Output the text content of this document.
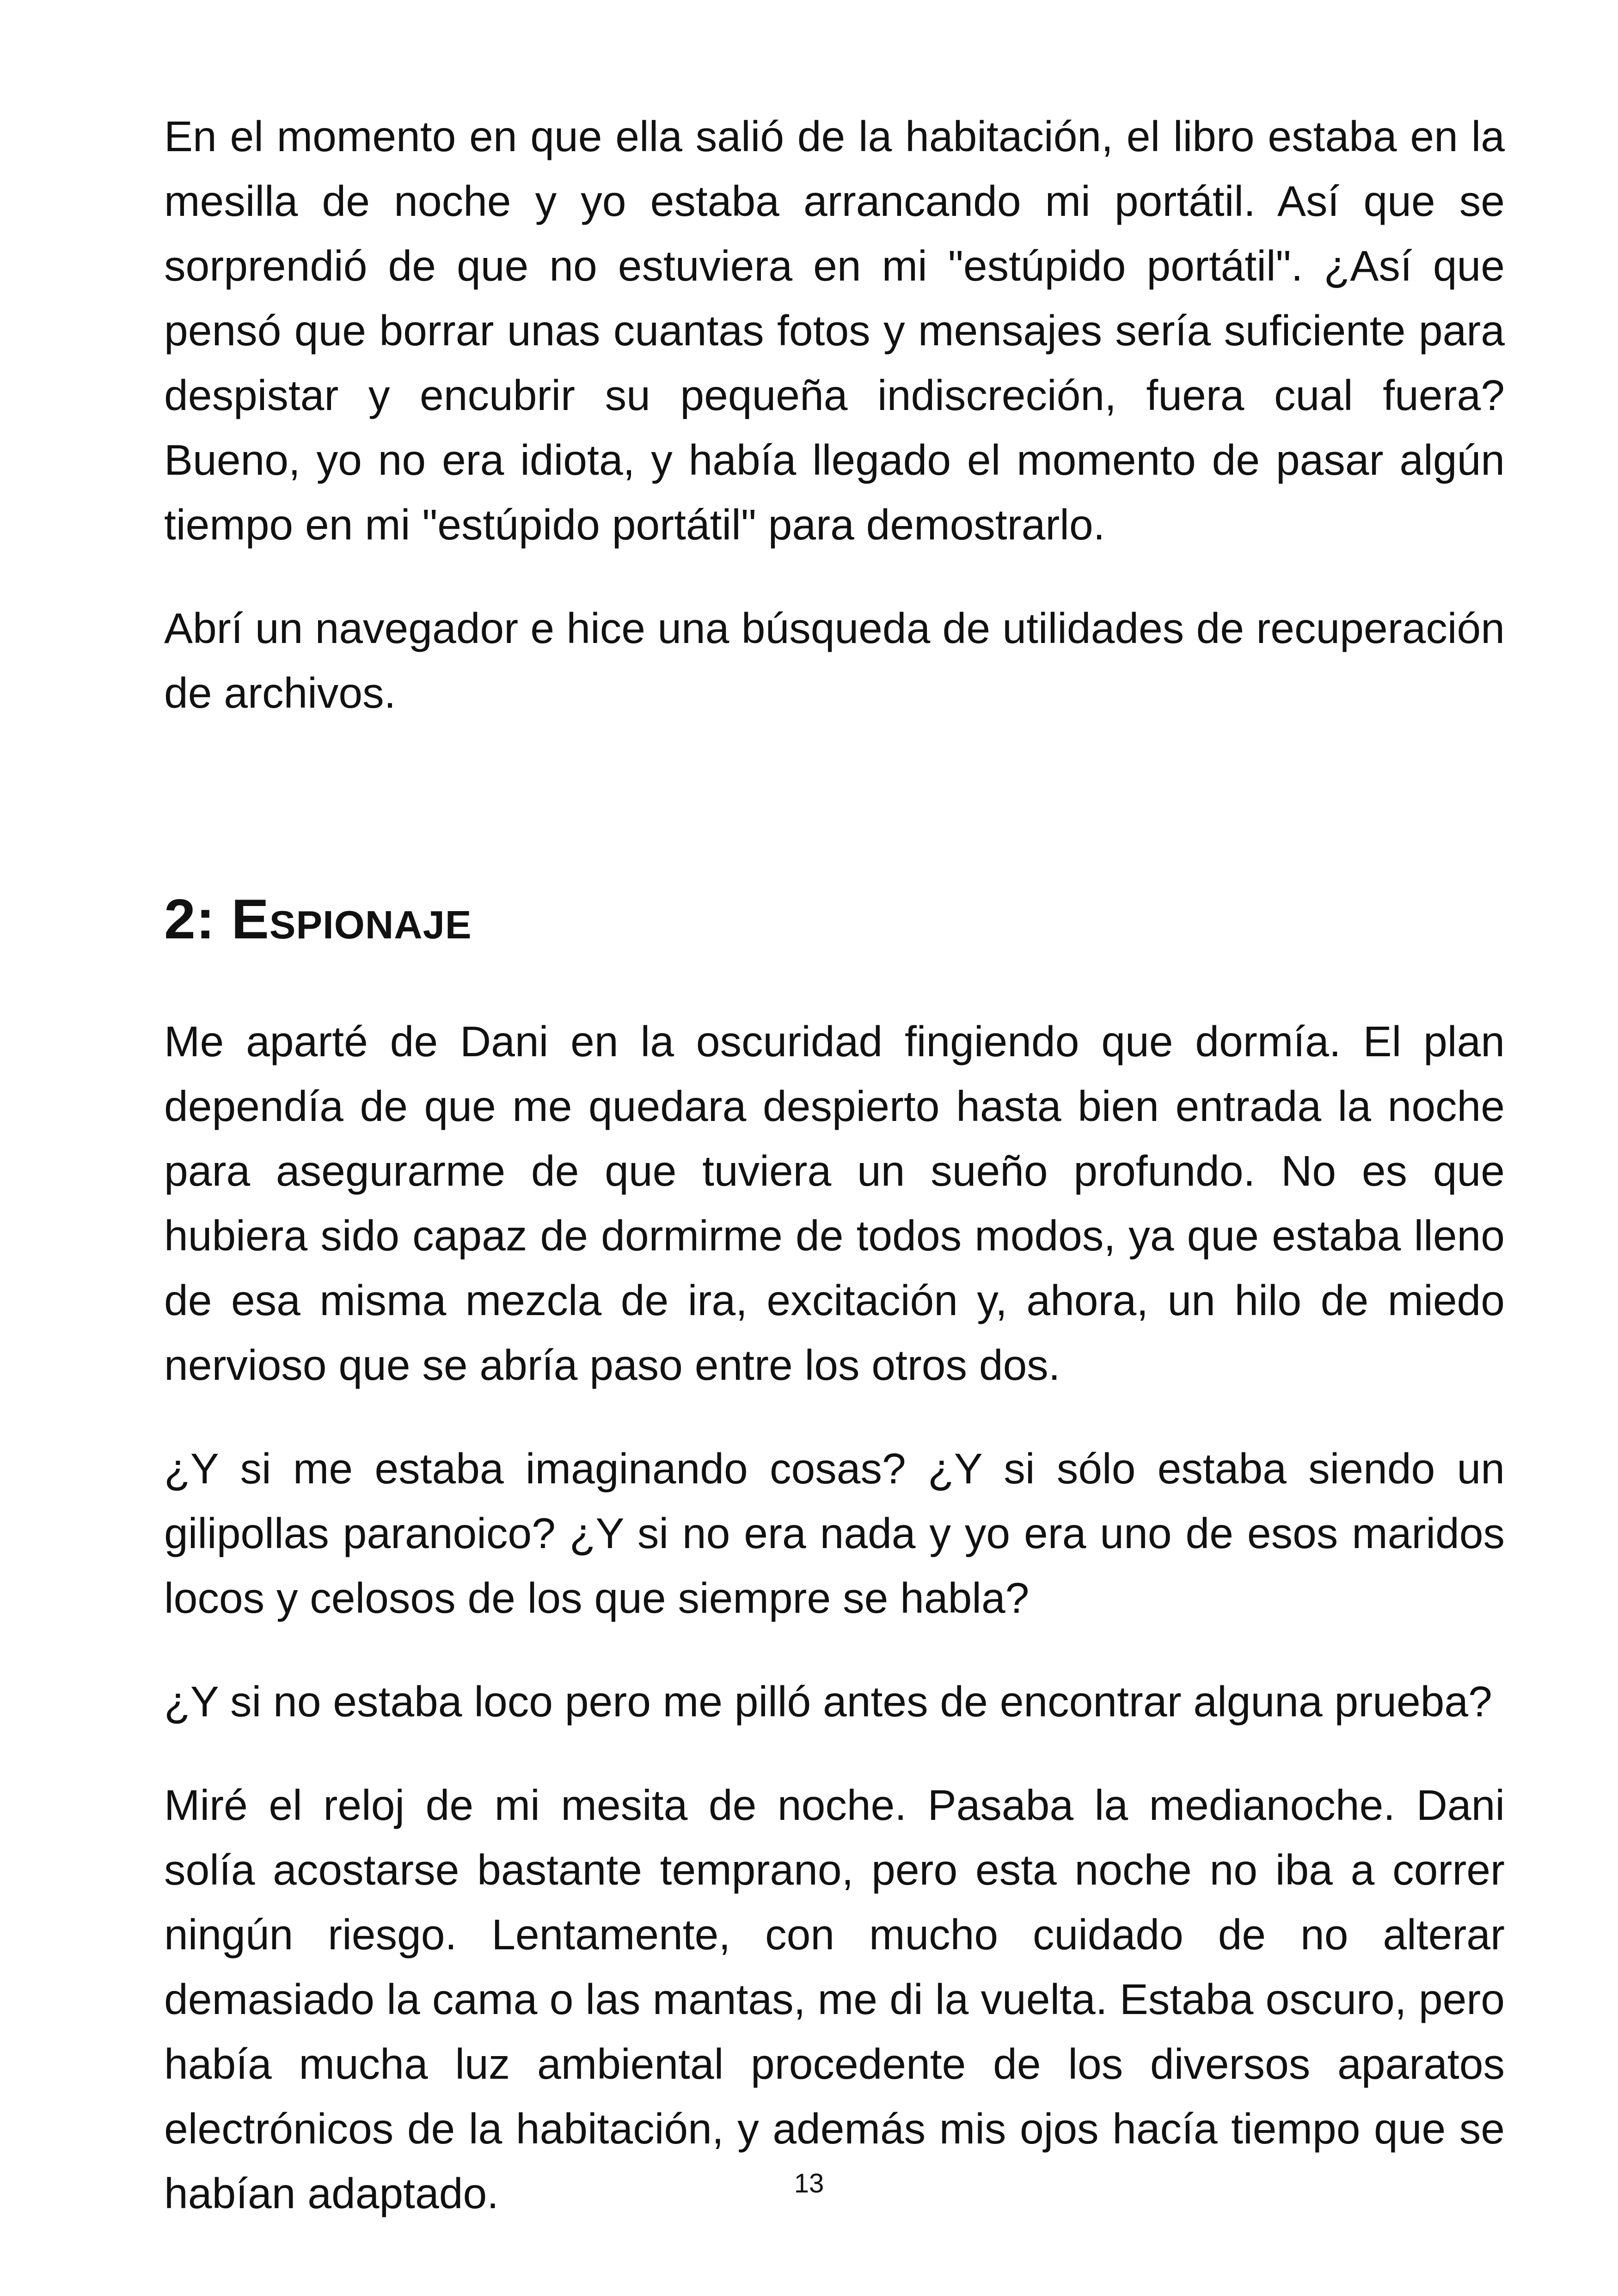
En el momento en que ella salió de la habitación, el libro estaba en la mesilla de noche y yo estaba arrancando mi portátil. Así que se sorprendió de que no estuviera en mi "estúpido portátil". ¿Así que pensó que borrar unas cuantas fotos y mensajes sería suficiente para despistar y encubrir su pequeña indiscreción, fuera cual fuera? Bueno, yo no era idiota, y había llegado el momento de pasar algún tiempo en mi "estúpido portátil" para demostrarlo.

Abrí un navegador e hice una búsqueda de utilidades de recuperación de archivos.

2: Espionaje

Me aparté de Dani en la oscuridad fingiendo que dormía. El plan dependía de que me quedara despierto hasta bien entrada la noche para asegurarme de que tuviera un sueño profundo. No es que hubiera sido capaz de dormirme de todos modos, ya que estaba lleno de esa misma mezcla de ira, excitación y, ahora, un hilo de miedo nervioso que se abría paso entre los otros dos.

¿Y si me estaba imaginando cosas? ¿Y si sólo estaba siendo un gilipollas paranoico? ¿Y si no era nada y yo era uno de esos maridos locos y celosos de los que siempre se habla?

¿Y si no estaba loco pero me pilló antes de encontrar alguna prueba?

Miré el reloj de mi mesita de noche. Pasaba la medianoche. Dani solía acostarse bastante temprano, pero esta noche no iba a correr ningún riesgo. Lentamente, con mucho cuidado de no alterar demasiado la cama o las mantas, me di la vuelta. Estaba oscuro, pero había mucha luz ambiental procedente de los diversos aparatos electrónicos de la habitación, y además mis ojos hacía tiempo que se habían adaptado.	13
